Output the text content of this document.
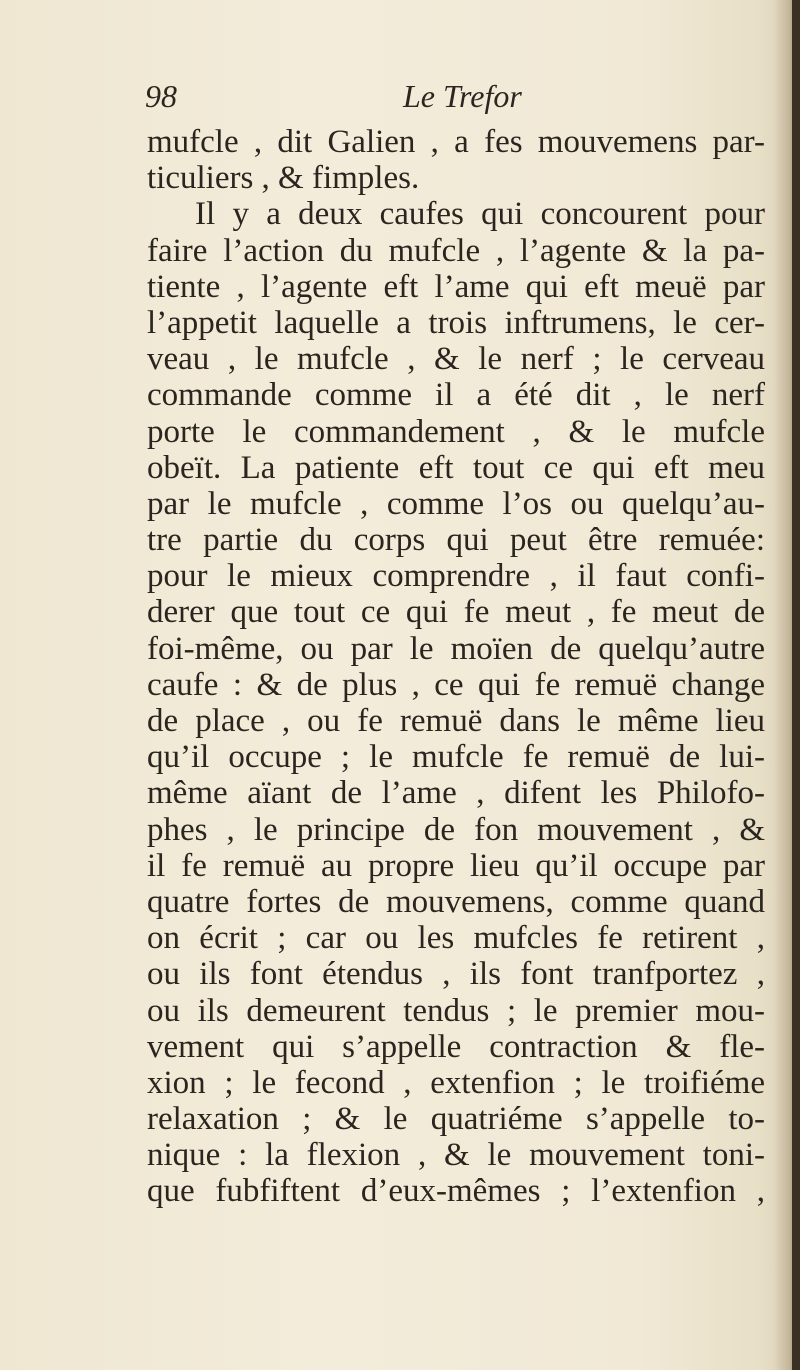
98	Le Trefor
mufcle , dit Galien , a fes mouvemens par-
ticuliers , & fimples.
Il y a deux caufes qui concourent pour
faire l’action du mufcle , l’agente & la pa-
tiente , l’agente eft l’ame qui eft meuë par
l’appetit laquelle a trois inftrumens, le cer-
veau , le mufcle , & le nerf ; le cerveau
commande comme il a été dit , le nerf
porte le commandement , & le mufcle
obeït. La patiente eft tout ce qui eft meu
par le mufcle , comme l’os ou quelqu’au-
tre partie du corps qui peut être remuée:
pour le mieux comprendre , il faut confi-
derer que tout ce qui fe meut , fe meut de
foi-même, ou par le moïen de quelqu’autre
caufe : & de plus , ce qui fe remuë change
de place , ou fe remuë dans le même lieu
qu’il occupe ; le mufcle fe remuë de lui-
même aïant de l’ame , difent les Philofo-
phes , le principe de fon mouvement , &
il fe remuë au propre lieu qu’il occupe par
quatre fortes de mouvemens, comme quand
on écrit ; car ou les mufcles fe retirent ,
ou ils font étendus , ils font tranfportez ,
ou ils demeurent tendus ; le premier mou-
vement qui s’appelle contraction & fle-
xion ; le fecond , extenfion ; le troifiéme
relaxation ; & le quatriéme s’appelle to-
nique : la flexion , & le mouvement toni-
que fubfiftent d’eux-mêmes ; l’extenfion ,
